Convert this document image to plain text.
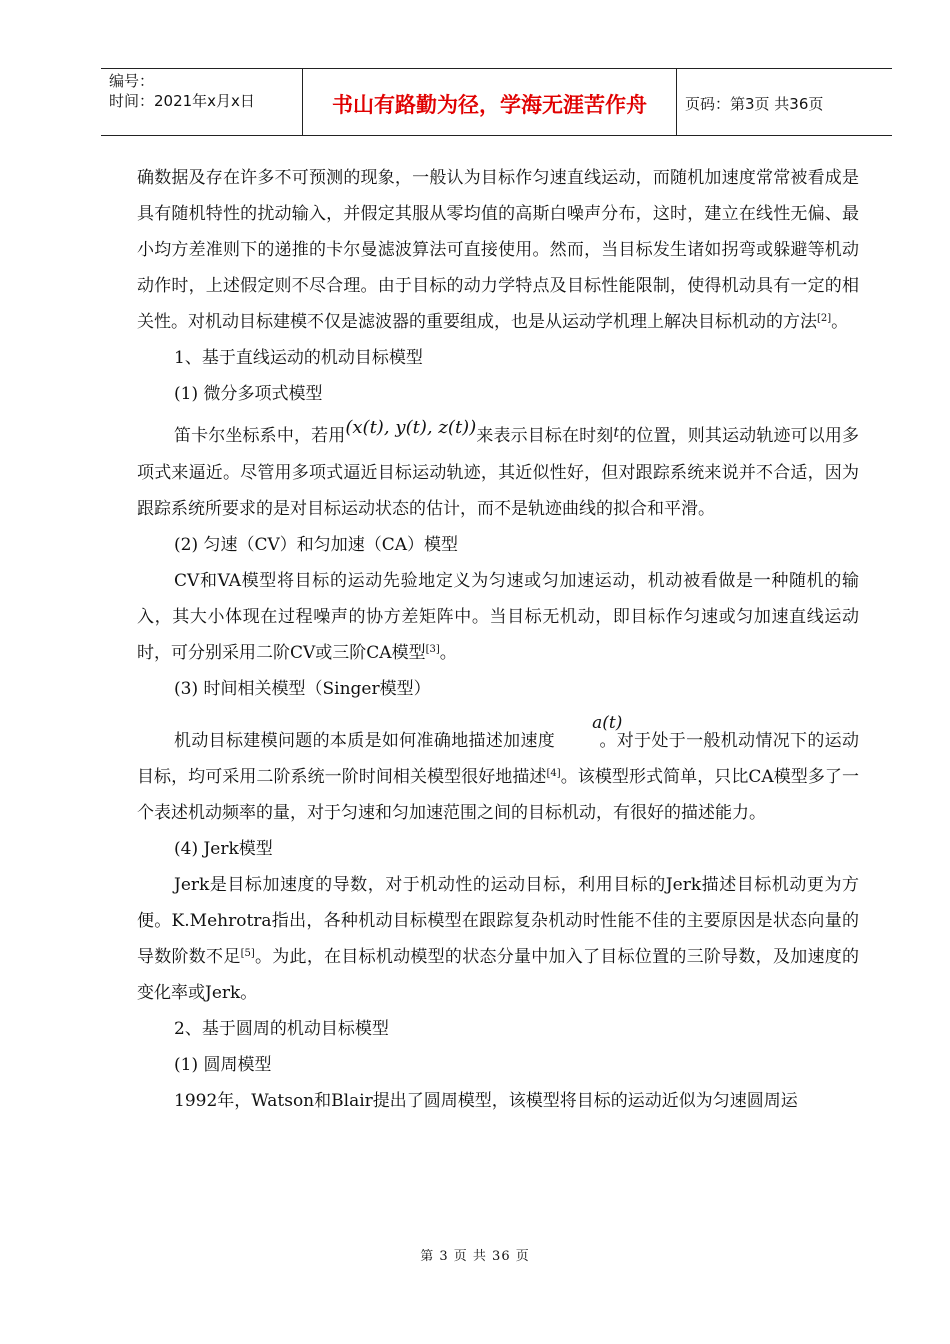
编号：
时间：2021年x月x日	书山有路勤为径，学海无涯苦作舟	页码：第3页 共36页

确数据及存在许多不可预测的现象，一般认为目标作匀速直线运动，而随机加速度常常被看成是具有随机特性的扰动输入，并假定其服从零均值的高斯白噪声分布，这时，建立在线性无偏、最小均方差准则下的递推的卡尔曼滤波算法可直接使用。然而，当目标发生诸如拐弯或躲避等机动动作时，上述假定则不尽合理。由于目标的动力学特点及目标性能限制，使得机动具有一定的相关性。对机动目标建模不仅是滤波器的重要组成，也是从运动学机理上解决目标机动的方法[2]。

1、基于直线运动的机动目标模型

(1) 微分多项式模型

笛卡尔坐标系中，若用(x(t), y(t), z(t))来表示目标在时刻$^t$的位置，则其运动轨迹可以用多项式来逼近。尽管用多项式逼近目标运动轨迹，其近似性好，但对跟踪系统来说并不合适，因为跟踪系统所要求的是对目标运动状态的估计，而不是轨迹曲线的拟合和平滑。

(2) 匀速（CV）和匀加速（CA）模型

CV和VA模型将目标的运动先验地定义为匀速或匀加速运动，机动被看做是一种随机的输入，其大小体现在过程噪声的协方差矩阵中。当目标无机动，即目标作匀速或匀加速直线运动时，可分别采用二阶CV或三阶CA模型[3]。

(3) 时间相关模型（Singer模型）

机动目标建模问题的本质是如何准确地描述加速度a(t)。对于处于一般机动情况下的运动目标，均可采用二阶系统一阶时间相关模型很好地描述[4]。该模型形式简单，只比CA模型多了一个表述机动频率的量，对于匀速和匀加速范围之间的目标机动，有很好的描述能力。

(4) Jerk模型

Jerk是目标加速度的导数，对于机动性的运动目标，利用目标的Jerk描述目标机动更为方便。K.Mehrotra指出，各种机动目标模型在跟踪复杂机动时性能不佳的主要原因是状态向量的导数阶数不足[5]。为此，在目标机动模型的状态分量中加入了目标位置的三阶导数，及加速度的变化率或Jerk。

2、基于圆周的机动目标模型

(1) 圆周模型

1992年，Watson和Blair提出了圆周模型，该模型将目标的运动近似为匀速圆周运

第 3 页 共 36 页
